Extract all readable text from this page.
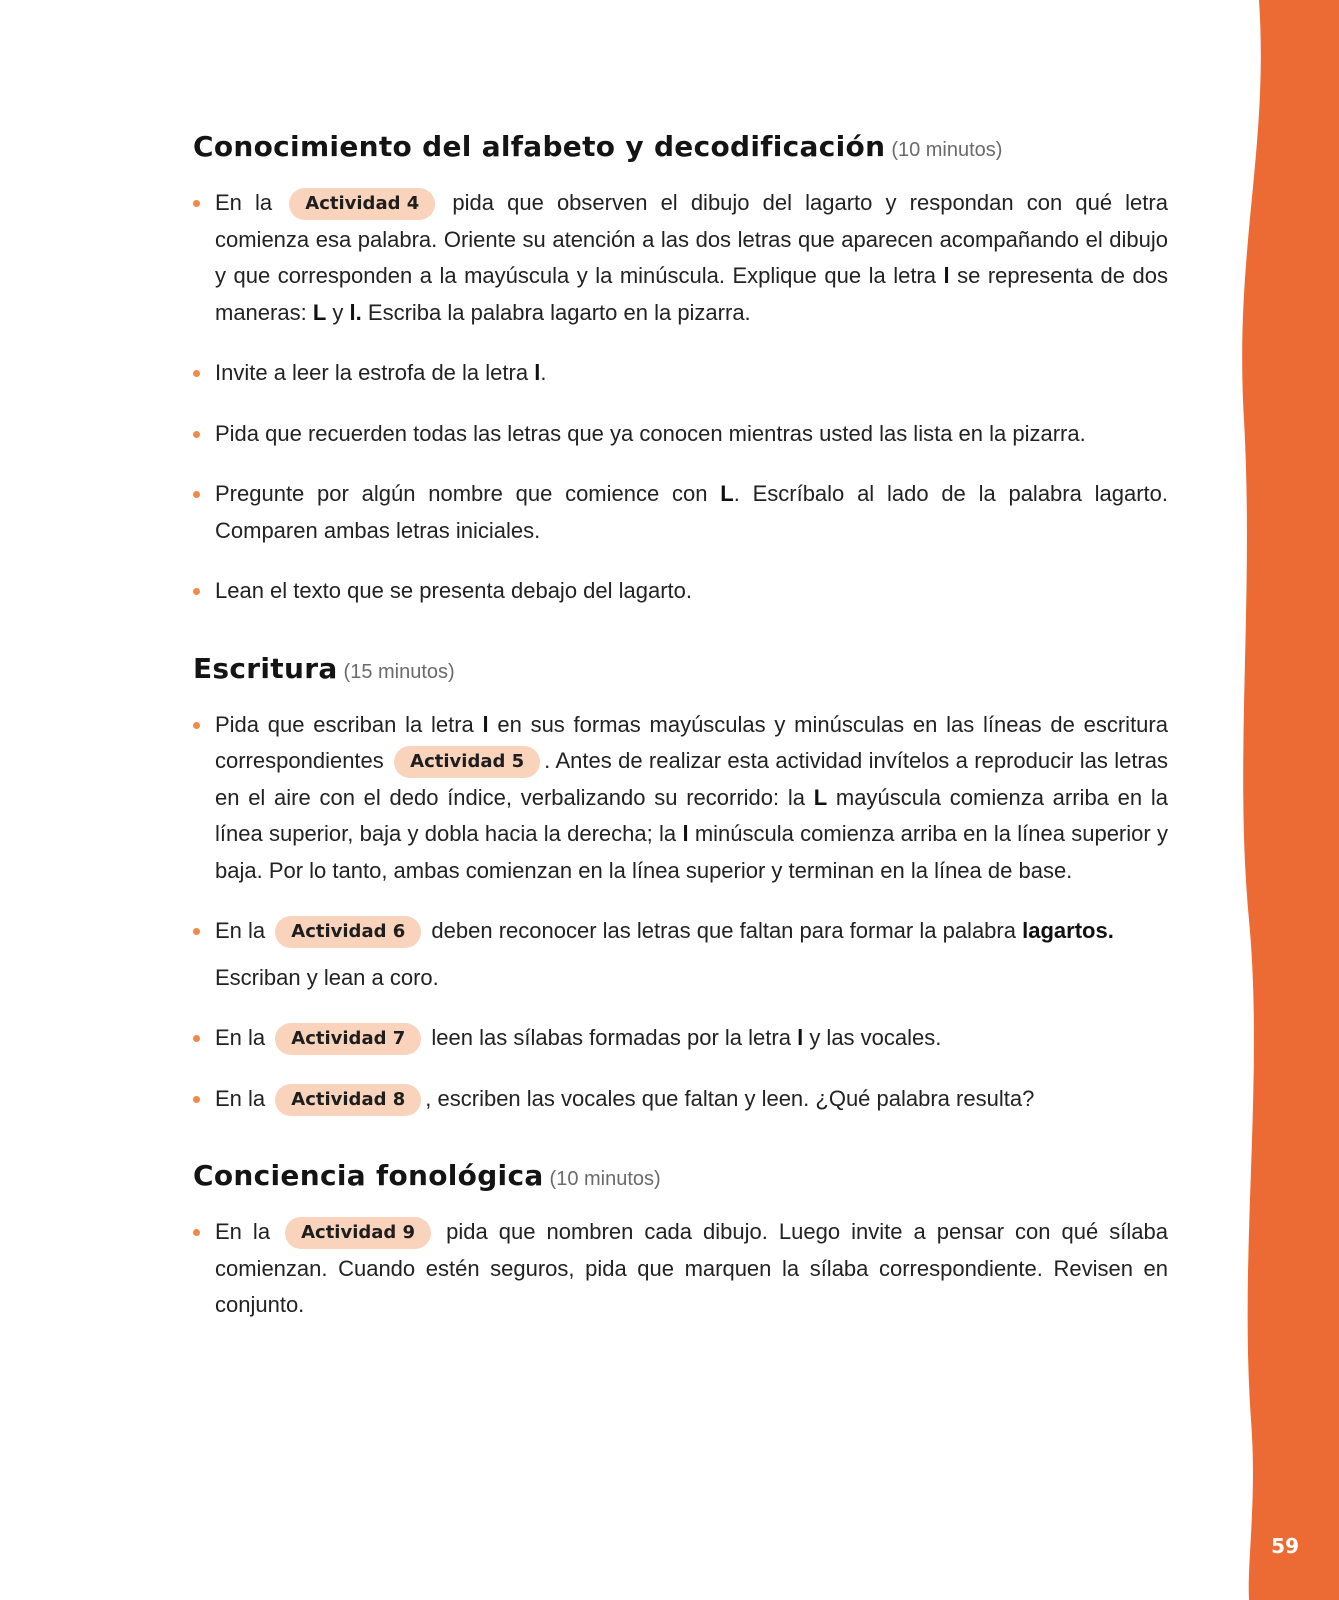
59
Conocimiento del alfabeto y decodificación (10 minutos)
En la Actividad 4 pida que observen el dibujo del lagarto y respondan con qué letra comienza esa palabra. Oriente su atención a las dos letras que aparecen acompañando el dibujo y que corresponden a la mayúscula y la minúscula. Explique que la letra l se representa de dos maneras: L y l. Escriba la palabra lagarto en la pizarra.
Invite a leer la estrofa de la letra l.
Pida que recuerden todas las letras que ya conocen mientras usted las lista en la pizarra.
Pregunte por algún nombre que comience con L. Escríbalo al lado de la palabra lagarto. Comparen ambas letras iniciales.
Lean el texto que se presenta debajo del lagarto.
Escritura (15 minutos)
Pida que escriban la letra l en sus formas mayúsculas y minúsculas en las líneas de escritura correspondientes Actividad 5 . Antes de realizar esta actividad invítelos a reproducir las letras en el aire con el dedo índice, verbalizando su recorrido: la L mayúscula comienza arriba en la línea superior, baja y dobla hacia la derecha; la l minúscula comienza arriba en la línea superior y baja. Por lo tanto, ambas comienzan en la línea superior y terminan en la línea de base.
En la Actividad 6 deben reconocer las letras que faltan para formar la palabra lagartos.
Escriban y lean a coro.
En la Actividad 7 leen las sílabas formadas por la letra l y las vocales.
En la Actividad 8 , escriben las vocales que faltan y leen. ¿Qué palabra resulta?
Conciencia fonológica (10 minutos)
En la Actividad 9 pida que nombren cada dibujo. Luego invite a pensar con qué sílaba comienzan. Cuando estén seguros, pida que marquen la sílaba correspondiente. Revisen en conjunto.
